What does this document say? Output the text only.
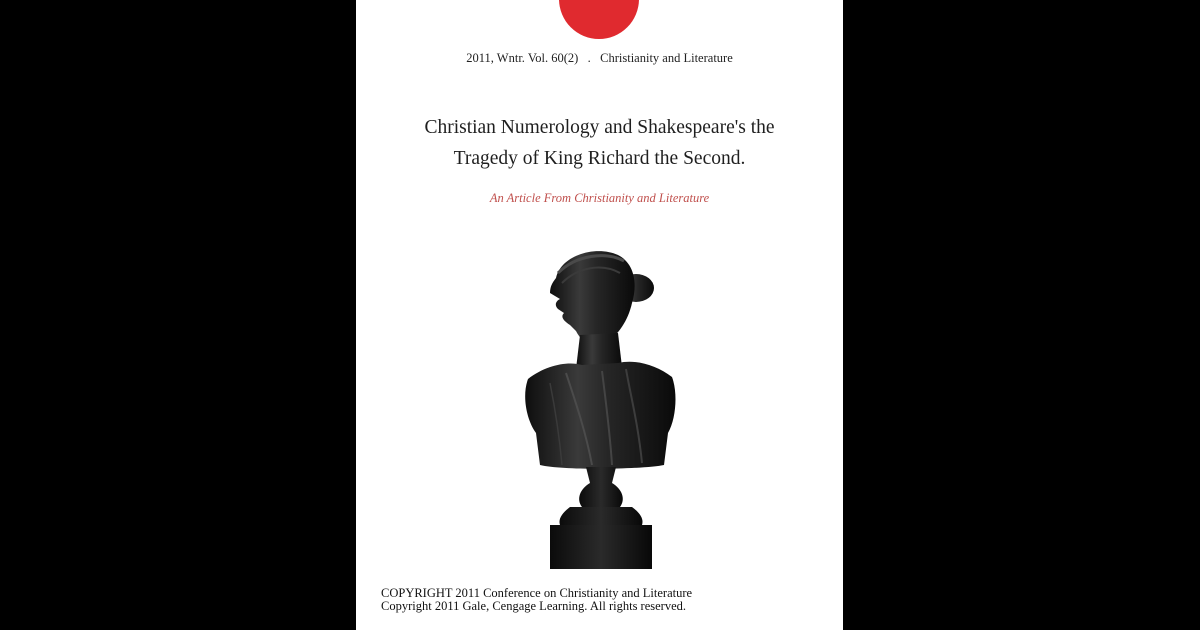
2011, Wntr. Vol. 60(2)   .   Christianity and Literature
Christian Numerology and Shakespeare's the
Tragedy of King Richard the Second.
An Article From Christianity and Literature
COPYRIGHT 2011 Conference on Christianity and Literature
Copyright 2011 Gale, Cengage Learning. All rights reserved.
